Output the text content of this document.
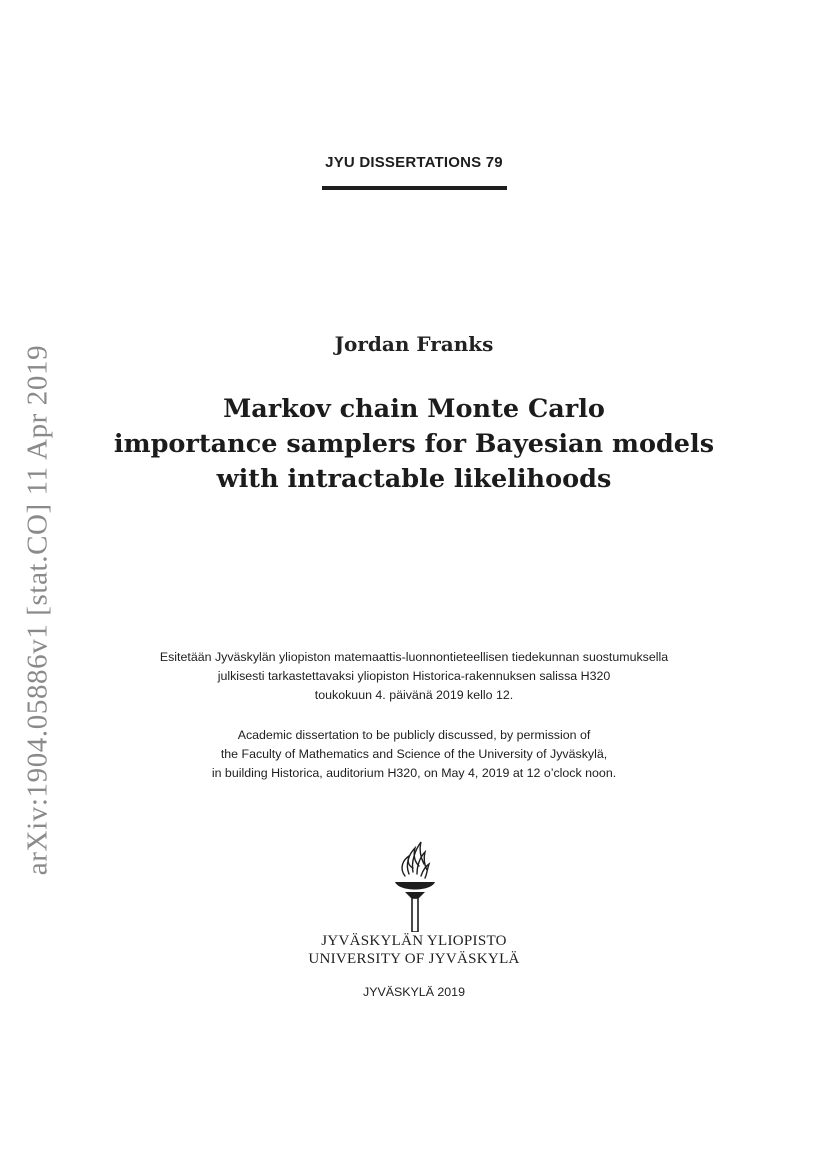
JYU DISSERTATIONS 79
arXiv:1904.05886v1 [stat.CO] 11 Apr 2019
Jordan Franks
Markov chain Monte Carlo
importance samplers for Bayesian models
with intractable likelihoods
Esitetään Jyväskylän yliopiston matemaattis-luonnontieteellisen tiedekunnan suostumuksella
julkisesti tarkastettavaksi yliopiston Historica-rakennuksen salissa H320
toukokuun 4. päivänä 2019 kello 12.
Academic dissertation to be publicly discussed, by permission of
the Faculty of Mathematics and Science of the University of Jyväskylä,
in building Historica, auditorium H320, on May 4, 2019 at 12 o’clock noon.
JYVÄSKYLÄN YLIOPISTO
UNIVERSITY OF JYVÄSKYLÄ
JYVÄSKYLÄ 2019
